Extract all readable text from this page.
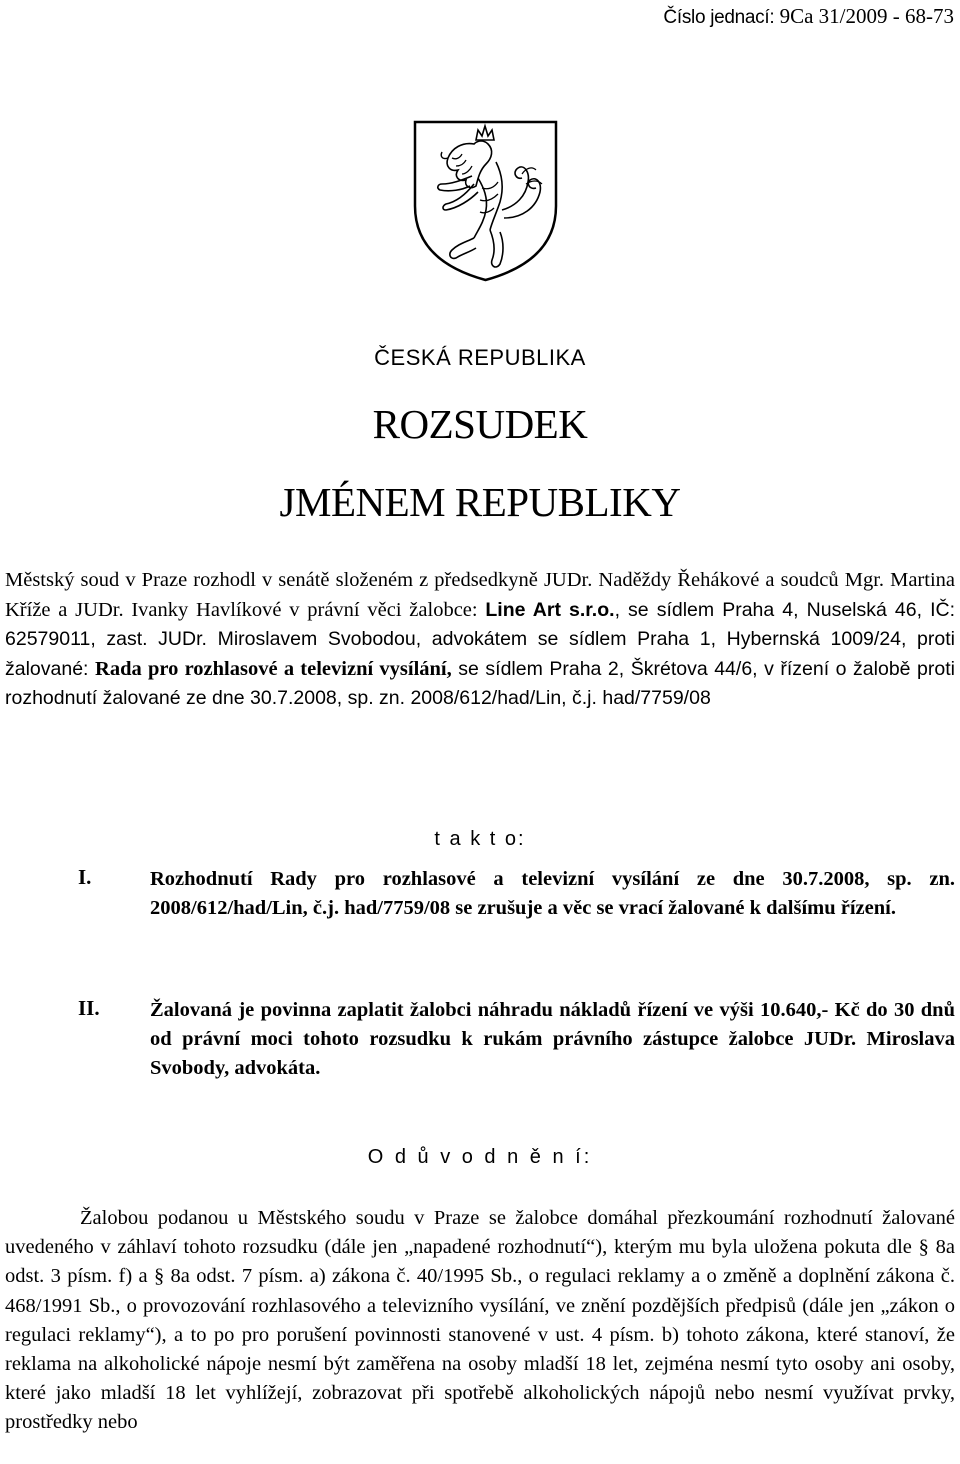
Číslo jednací: 9Ca 31/2009 - 68-73
ČESKÁ REPUBLIKA
ROZSUDEK
JMÉNEM REPUBLIKY
Městský soud v Praze rozhodl v senátě složeném z předsedkyně JUDr. Naděždy Řehákové a soudců Mgr. Martina Kříže a JUDr. Ivanky Havlíkové v právní věci žalobce: Line Art s.r.o., se sídlem Praha 4, Nuselská 46, IČ: 62579011, zast. JUDr. Miroslavem Svobodou, advokátem se sídlem Praha 1, Hybernská 1009/24, proti žalované: Rada pro rozhlasové a televizní vysílání, se sídlem Praha 2, Škrétova 44/6, v řízení o žalobě proti rozhodnutí žalované ze dne 30.7.2008, sp. zn. 2008/612/had/Lin, č.j. had/7759/08
t a k t o:
I.	Rozhodnutí Rady pro rozhlasové a televizní vysílání ze dne 30.7.2008, sp. zn. 2008/612/had/Lin, č.j. had/7759/08 se zrušuje a věc se vrací žalované k dalšímu řízení.
II. Žalovaná je povinna zaplatit žalobci náhradu nákladů řízení ve výši 10.640,- Kč do 30 dnů od právní moci tohoto rozsudku k rukám právního zástupce žalobce JUDr. Miroslava Svobody, advokáta.
O d ů v o d n ě n í:

Žalobou podanou u Městského soudu v Praze se žalobce domáhal přezkoumání rozhodnutí žalované uvedeného v záhlaví tohoto rozsudku (dále jen „napadené rozhodnutí“), kterým mu byla uložena pokuta dle § 8a odst. 3 písm. f) a § 8a odst. 7 písm. a) zákona č. 40/1995 Sb., o regulaci reklamy a o změně a doplnění zákona č. 468/1991 Sb., o provozování rozhlasového a televizního vysílání, ve znění pozdějších předpisů (dále jen „zákon o regulaci reklamy“), a to po pro porušení povinnosti stanovené v ust. 4 písm. b) tohoto zákona, které stanoví, že reklama na alkoholické nápoje nesmí být zaměřena na osoby mladší 18 let, zejména nesmí tyto osoby ani osoby, které jako mladší 18 let vyhlížejí, zobrazovat při spotřebě alkoholických nápojů nebo nesmí využívat prvky, prostředky nebo
